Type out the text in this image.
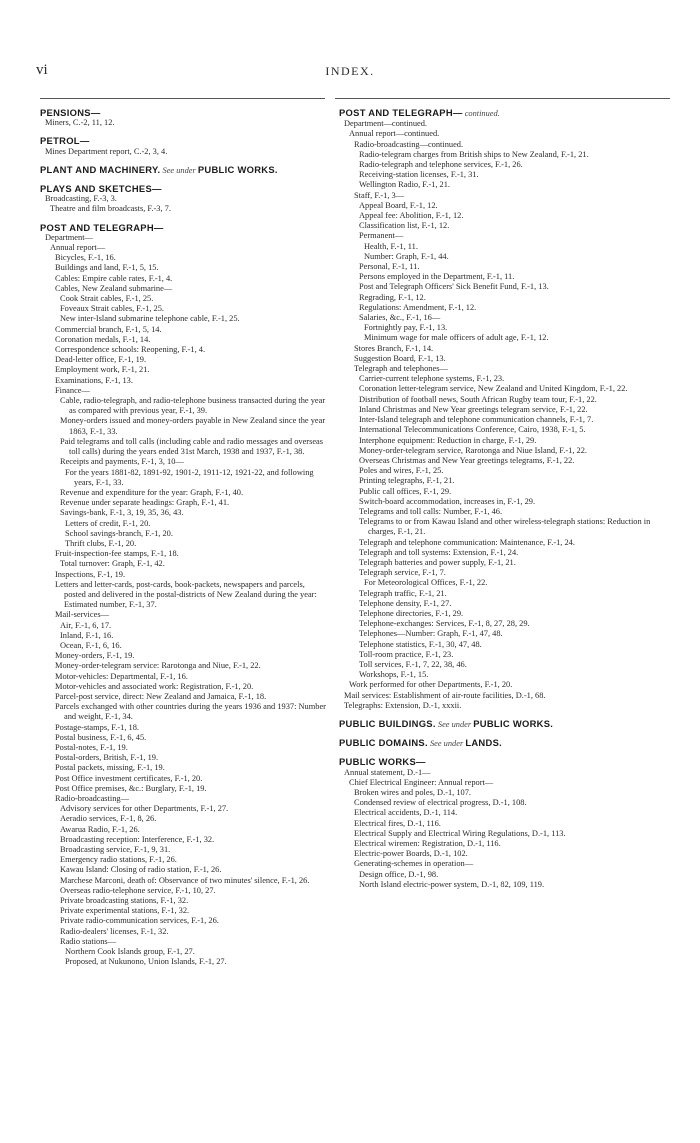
vi	INDEX.
PENSIONS—
Miners, C.-2, 11, 12.
PETROL—
Mines Department report, C.-2, 3, 4.
PLANT AND MACHINERY. See under PUBLIC WORKS.
PLAYS AND SKETCHES—
Broadcasting, F.-3, 3.
Theatre and film broadcasts, F.-3, 7.
POST AND TELEGRAPH—
Department—
Annual report—
Bicycles, F.-1, 16.
Buildings and land, F.-1, 5, 15.
Cables: Empire cable rates, F.-1, 4.
Cables, New Zealand submarine—
Cook Strait cables, F.-1, 25.
Foveaux Strait cables, F.-1, 25.
New inter-Island submarine telephone cable, F.-1, 25.
Commercial branch, F.-1, 5, 14.
Coronation medals, F.-1, 14.
Correspondence schools: Reopening, F.-1, 4.
Dead-letter office, F.-1, 19.
Employment work, F.-1, 21.
Examinations, F.-1, 13.
Finance—
Cable, radio-telegraph, and radio-telephone business transacted during the year as compared with previous year, F.-1, 39.
Money-orders issued and money-orders payable in New Zealand since the year 1863, F.-1, 33.
Paid telegrams and toll calls (including cable and radio messages and overseas toll calls) during the years ended 31st March, 1938 and 1937, F.-1, 38.
Receipts and payments, F.-1, 3, 10—
For the years 1881-82, 1891-92, 1901-2, 1911-12, 1921-22, and following years, F.-1, 33.
Revenue and expenditure for the year: Graph, F.-1, 40.
Revenue under separate headings: Graph, F.-1, 41.
Savings-bank, F.-1, 3, 19, 35, 36, 43.
Letters of credit, F.-1, 20.
School savings-branch, F.-1, 20.
Thrift clubs, F.-1, 20.
Fruit-inspection-fee stamps, F.-1, 18.
Total turnover: Graph, F.-1, 42.
Inspections, F.-1, 19.
Letters and letter-cards, post-cards, book-packets, newspapers and parcels, posted and delivered in the postal-districts of New Zealand during the year: Estimated number, F.-1, 37.
Mail-services—
Air, F.-1, 6, 17.
Inland, F.-1, 16.
Ocean, F.-1, 6, 16.
Money-orders, F.-1, 19.
Money-order-telegram service: Rarotonga and Niue, F.-1, 22.
Motor-vehicles: Departmental, F.-1, 16.
Motor-vehicles and associated work: Registration, F.-1, 20.
Parcel-post service, direct: New Zealand and Jamaica, F.-1, 18.
Parcels exchanged with other countries during the years 1936 and 1937: Number and weight, F.-1, 34.
Postage-stamps, F.-1, 18.
Postal business, F.-1, 6, 45.
Postal-notes, F.-1, 19.
Postal-orders, British, F.-1, 19.
Postal packets, missing, F.-1, 19.
Post Office investment certificates, F.-1, 20.
Post Office premises, &c.: Burglary, F.-1, 19.
Radio-broadcasting—
Advisory services for other Departments, F.-1, 27.
Aeradio services, F.-1, 8, 26.
Awarua Radio, F.-1, 26.
Broadcasting reception: Interference, F.-1, 32.
Broadcasting service, F.-1, 9, 31.
Emergency radio stations, F.-1, 26.
Kawau Island: Closing of radio station, F.-1, 26.
Marchese Marconi, death of: Observance of two minutes' silence, F.-1, 26.
Overseas radio-telephone service, F.-1, 10, 27.
Private broadcasting stations, F.-1, 32.
Private experimental stations, F.-1, 32.
Private radio-communication services, F.-1, 26.
Radio-dealers' licenses, F.-1, 32.
Radio stations—
Northern Cook Islands group, F.-1, 27.
Proposed, at Nukunono, Union Islands, F.-1, 27.
POST AND TELEGRAPH— continued.
Department—continued.
Annual report—continued.
Radio-broadcasting—continued.
Radio-telegram charges from British ships to New Zealand, F.-1, 21.
Radio-telegraph and telephone services, F.-1, 26.
Receiving-station licenses, F.-1, 31.
Wellington Radio, F.-1, 21.
Staff, F.-1, 3—
Appeal Board, F.-1, 12.
Appeal fee: Abolition, F.-1, 12.
Classification list, F.-1, 12.
Permanent—
Health, F.-1, 11.
Number: Graph, F.-1, 44.
Personal, F.-1, 11.
Persons employed in the Department, F.-1, 11.
Post and Telegraph Officers' Sick Benefit Fund, F.-1, 13.
Regrading, F.-1, 12.
Regulations: Amendment, F.-1, 12.
Salaries, &c., F.-1, 16—
Fortnightly pay, F.-1, 13.
Minimum wage for male officers of adult age, F.-1, 12.
Stores Branch, F.-1, 14.
Suggestion Board, F.-1, 13.
Telegraph and telephones—
Carrier-current telephone systems, F.-1, 23.
Coronation letter-telegram service, New Zealand and United Kingdom, F.-1, 22.
Distribution of football news, South African Rugby team tour, F.-1, 22.
Inland Christmas and New Year greetings telegram service, F.-1, 22.
Inter-Island telegraph and telephone communication channels, F.-1, 7.
International Telecommunications Conference, Cairo, 1938, F.-1, 5.
Interphone equipment: Reduction in charge, F.-1, 29.
Money-order-telegram service, Rarotonga and Niue Island, F.-1, 22.
Overseas Christmas and New Year greetings telegrams, F.-1, 22.
Poles and wires, F.-1, 25.
Printing telegraphs, F.-1, 21.
Public call offices, F.-1, 29.
Switch-board accommodation, increases in, F.-1, 29.
Telegrams and toll calls: Number, F.-1, 46.
Telegrams to or from Kawau Island and other wireless-telegraph stations: Reduction in charges, F.-1, 21.
Telegraph and telephone communication: Maintenance, F.-1, 24.
Telegraph and toll systems: Extension, F.-1, 24.
Telegraph batteries and power supply, F.-1, 21.
Telegraph service, F.-1, 7.
For Meteorological Offices, F.-1, 22.
Telegraph traffic, F.-1, 21.
Telephone density, F.-1, 27.
Telephone directories, F.-1, 29.
Telephone-exchanges: Services, F.-1, 8, 27, 28, 29.
Telephones—Number: Graph, F.-1, 47, 48.
Telephone statistics, F.-1, 30, 47, 48.
Toll-room practice, F.-1, 23.
Toll services, F.-1, 7, 22, 38, 46.
Workshops, F.-1, 15.
Work performed for other Departments, F.-1, 20.
Mail services: Establishment of air-route facilities, D.-1, 68.
Telegraphs: Extension, D.-1, xxxii.
PUBLIC BUILDINGS. See under PUBLIC WORKS.
PUBLIC DOMAINS. See under LANDS.
PUBLIC WORKS—
Annual statement, D.-1—
Chief Electrical Engineer: Annual report—
Broken wires and poles, D.-1, 107.
Condensed review of electrical progress, D.-1, 108.
Electrical accidents, D.-1, 114.
Electrical fires, D.-1, 116.
Electrical Supply and Electrical Wiring Regulations, D.-1, 113.
Electrical wiremen: Registration, D.-1, 116.
Electric-power Boards, D.-1, 102.
Generating-schemes in operation—
Design office, D.-1, 98.
North Island electric-power system, D.-1, 82, 109, 119.
